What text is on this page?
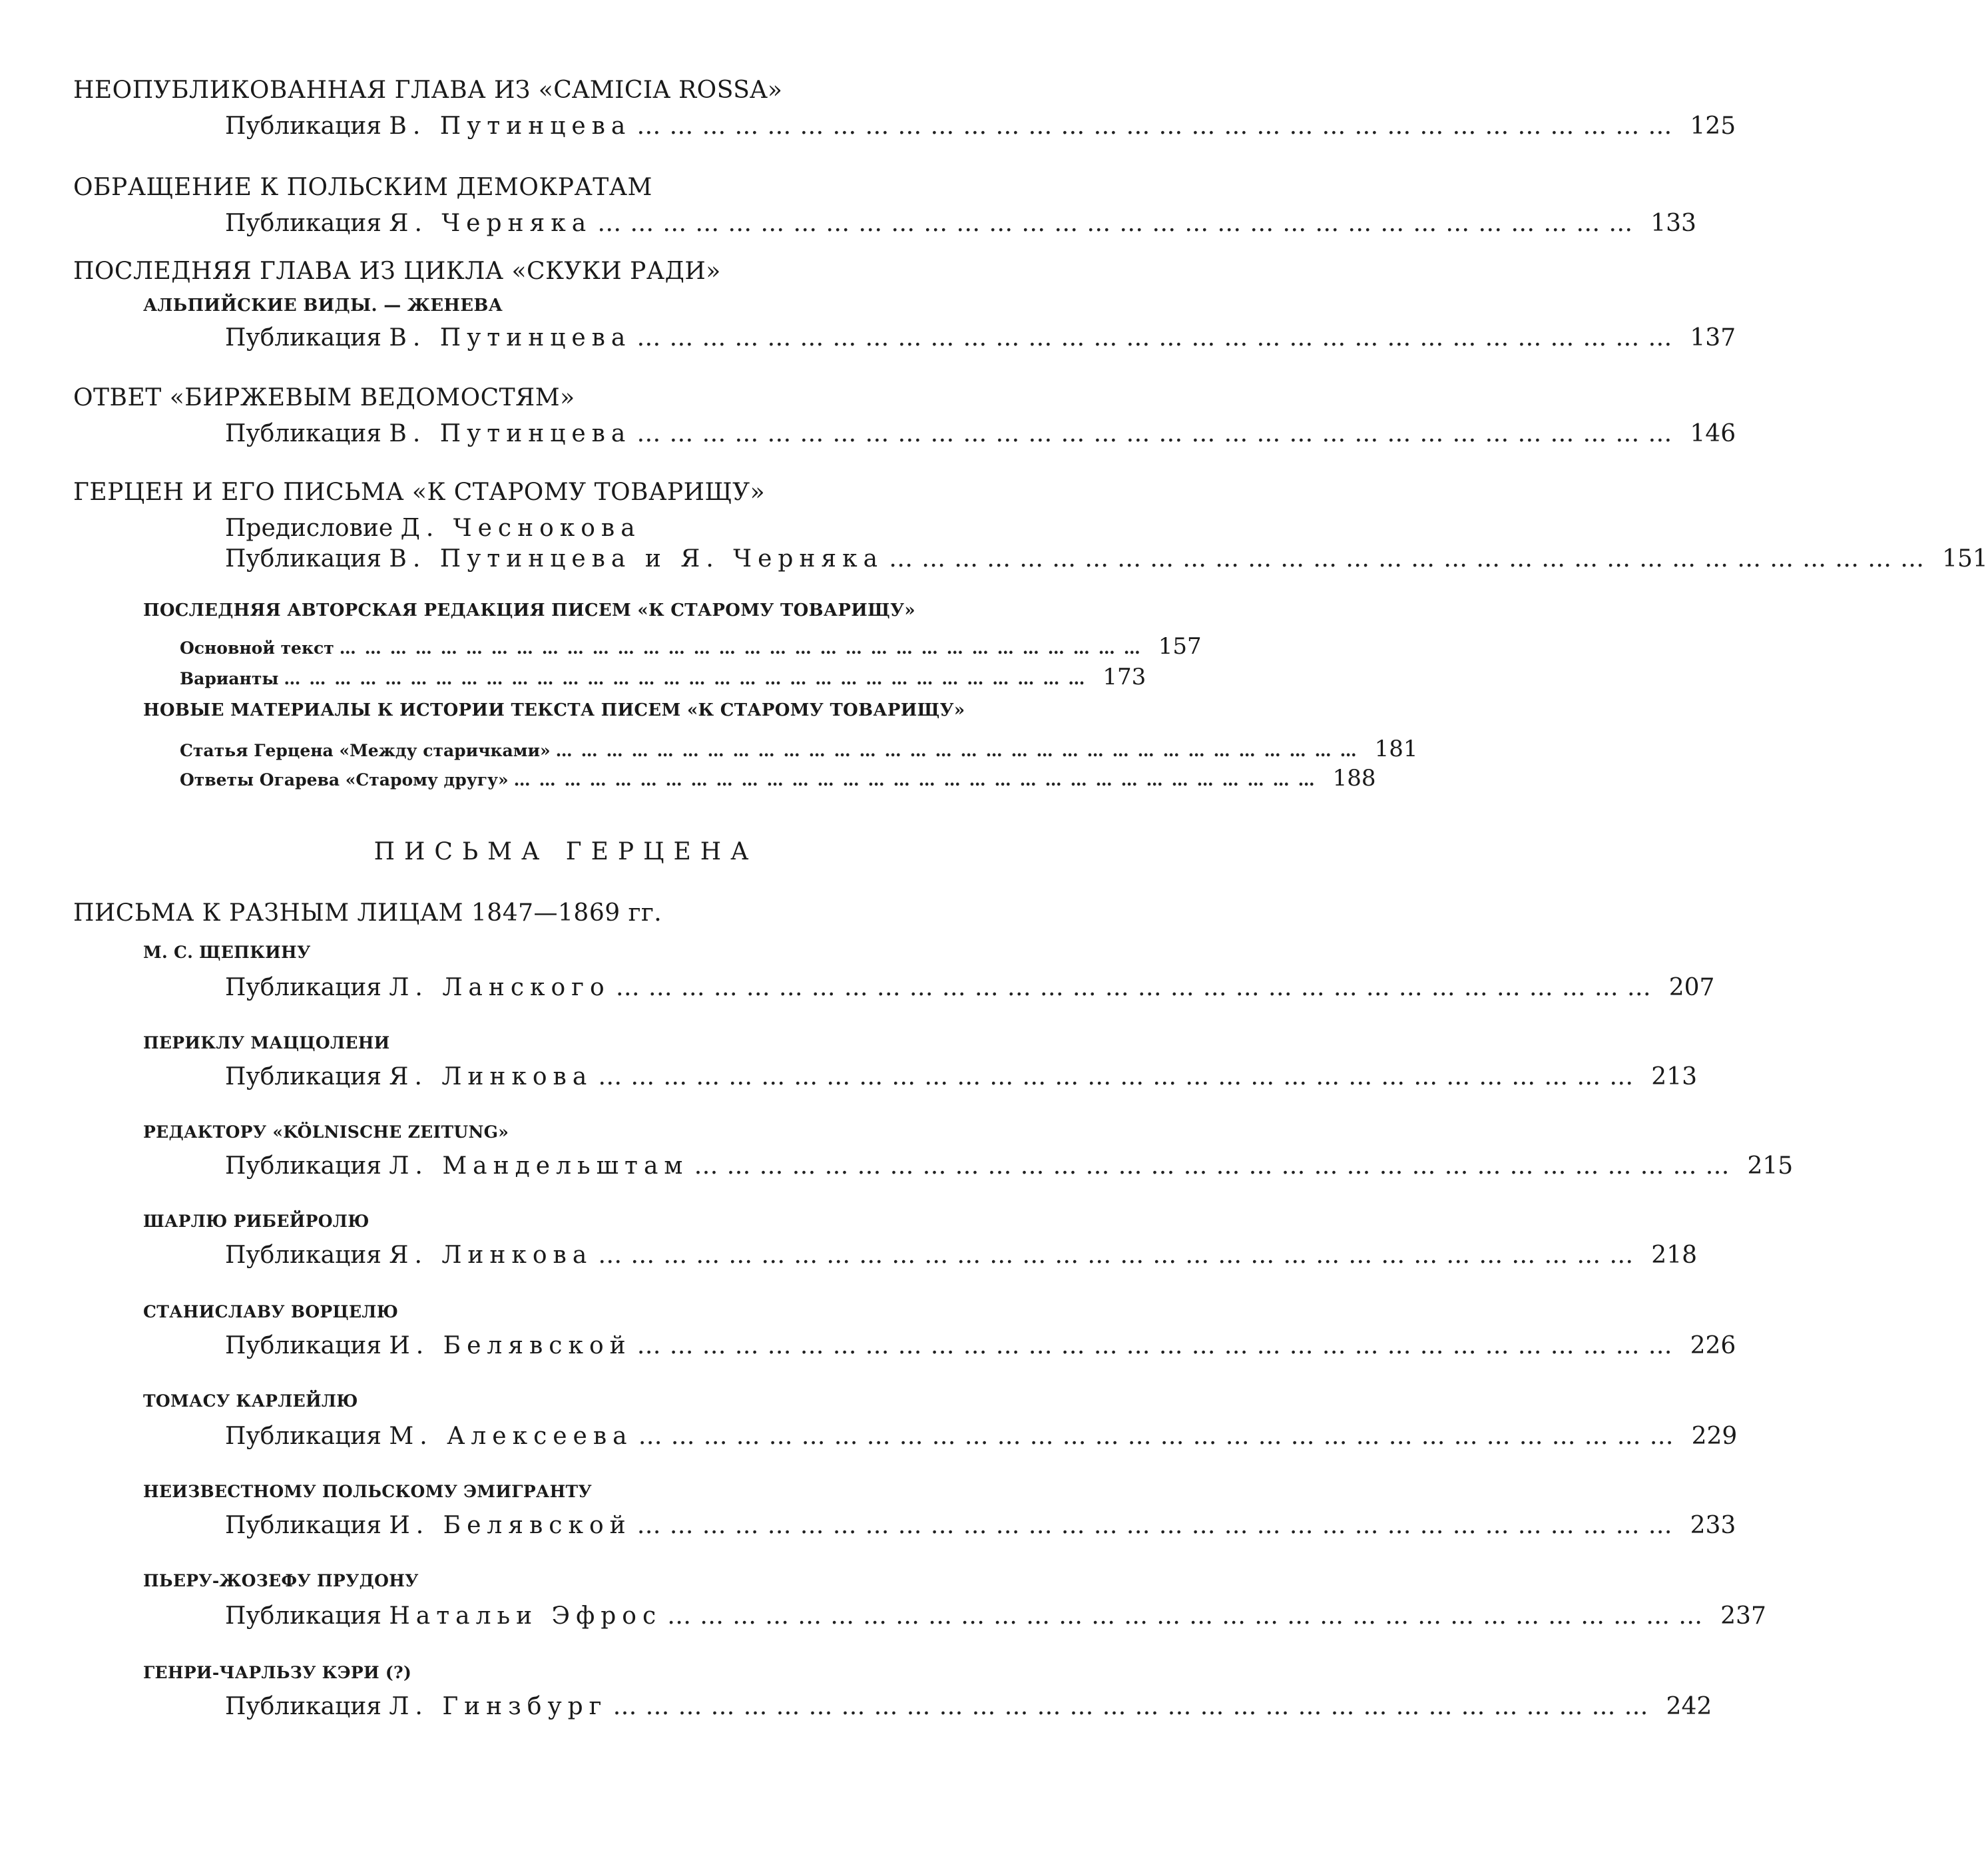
НЕОПУБЛИКОВАННАЯ ГЛАВА ИЗ «CAMICIA ROSSA»
Публикация В. Путинцева …………………………………………………………………………………… 125
ОБРАЩЕНИЕ К ПОЛЬСКИМ ДЕМОКРАТАМ
Публикация Я. Черняка …………………………………………………………………………………… 133
ПОСЛЕДНЯЯ ГЛАВА ИЗ ЦИКЛА «СКУКИ РАДИ»
АЛЬПИЙСКИЕ ВИДЫ. — ЖЕНЕВА
Публикация В. Путинцева …………………………………………………………………………………… 137
ОТВЕТ «БИРЖЕВЫМ ВЕДОМОСТЯМ»
Публикация В. Путинцева …………………………………………………………………………………… 146
ГЕРЦЕН И ЕГО ПИСЬМА «К СТАРОМУ ТОВАРИЩУ»
Предисловие Д. Чеснокова
Публикация В. Путинцева и Я. Черняка …………………………………………………………………………………… 151
ПОСЛЕДНЯЯ АВТОРСКАЯ РЕДАКЦИЯ ПИСЕМ «К СТАРОМУ ТОВАРИЩУ»
Основной текст …………………………………………………………………………………… 157
Варианты …………………………………………………………………………………… 173
НОВЫЕ МАТЕРИАЛЫ К ИСТОРИИ ТЕКСТА ПИСЕМ «К СТАРОМУ ТОВАРИЩУ»
Статья Герцена «Между старичками» …………………………………………………………………………………… 181
Ответы Огарева «Старому другу» …………………………………………………………………………………… 188
ПИСЬМА ГЕРЦЕНА
ПИСЬМА К РАЗНЫМ ЛИЦАМ 1847—1869 гг.
М. С. ЩЕПКИНУ
Публикация Л. Ланского …………………………………………………………………………………… 207
ПЕРИКЛУ МАЦЦОЛЕНИ
Публикация Я. Линкова …………………………………………………………………………………… 213
РЕДАКТОРУ «KÖLNISCHE ZEITUNG»
Публикация Л. Мандельштам …………………………………………………………………………………… 215
ШАРЛЮ РИБЕЙРОЛЮ
Публикация Я. Линкова …………………………………………………………………………………… 218
СТАНИСЛАВУ ВОРЦЕЛЮ
Публикация И. Белявской …………………………………………………………………………………… 226
ТОМАСУ КАРЛЕЙЛЮ
Публикация М. Алексеева …………………………………………………………………………………… 229
НЕИЗВЕСТНОМУ ПОЛЬСКОМУ ЭМИГРАНТУ
Публикация И. Белявской …………………………………………………………………………………… 233
ПЬЕРУ-ЖОЗЕФУ ПРУДОНУ
Публикация Натальи Эфрос …………………………………………………………………………………… 237
ГЕНРИ-ЧАРЛЬЗУ КЭРИ (?)
Публикация Л. Гинзбург …………………………………………………………………………………… 242
